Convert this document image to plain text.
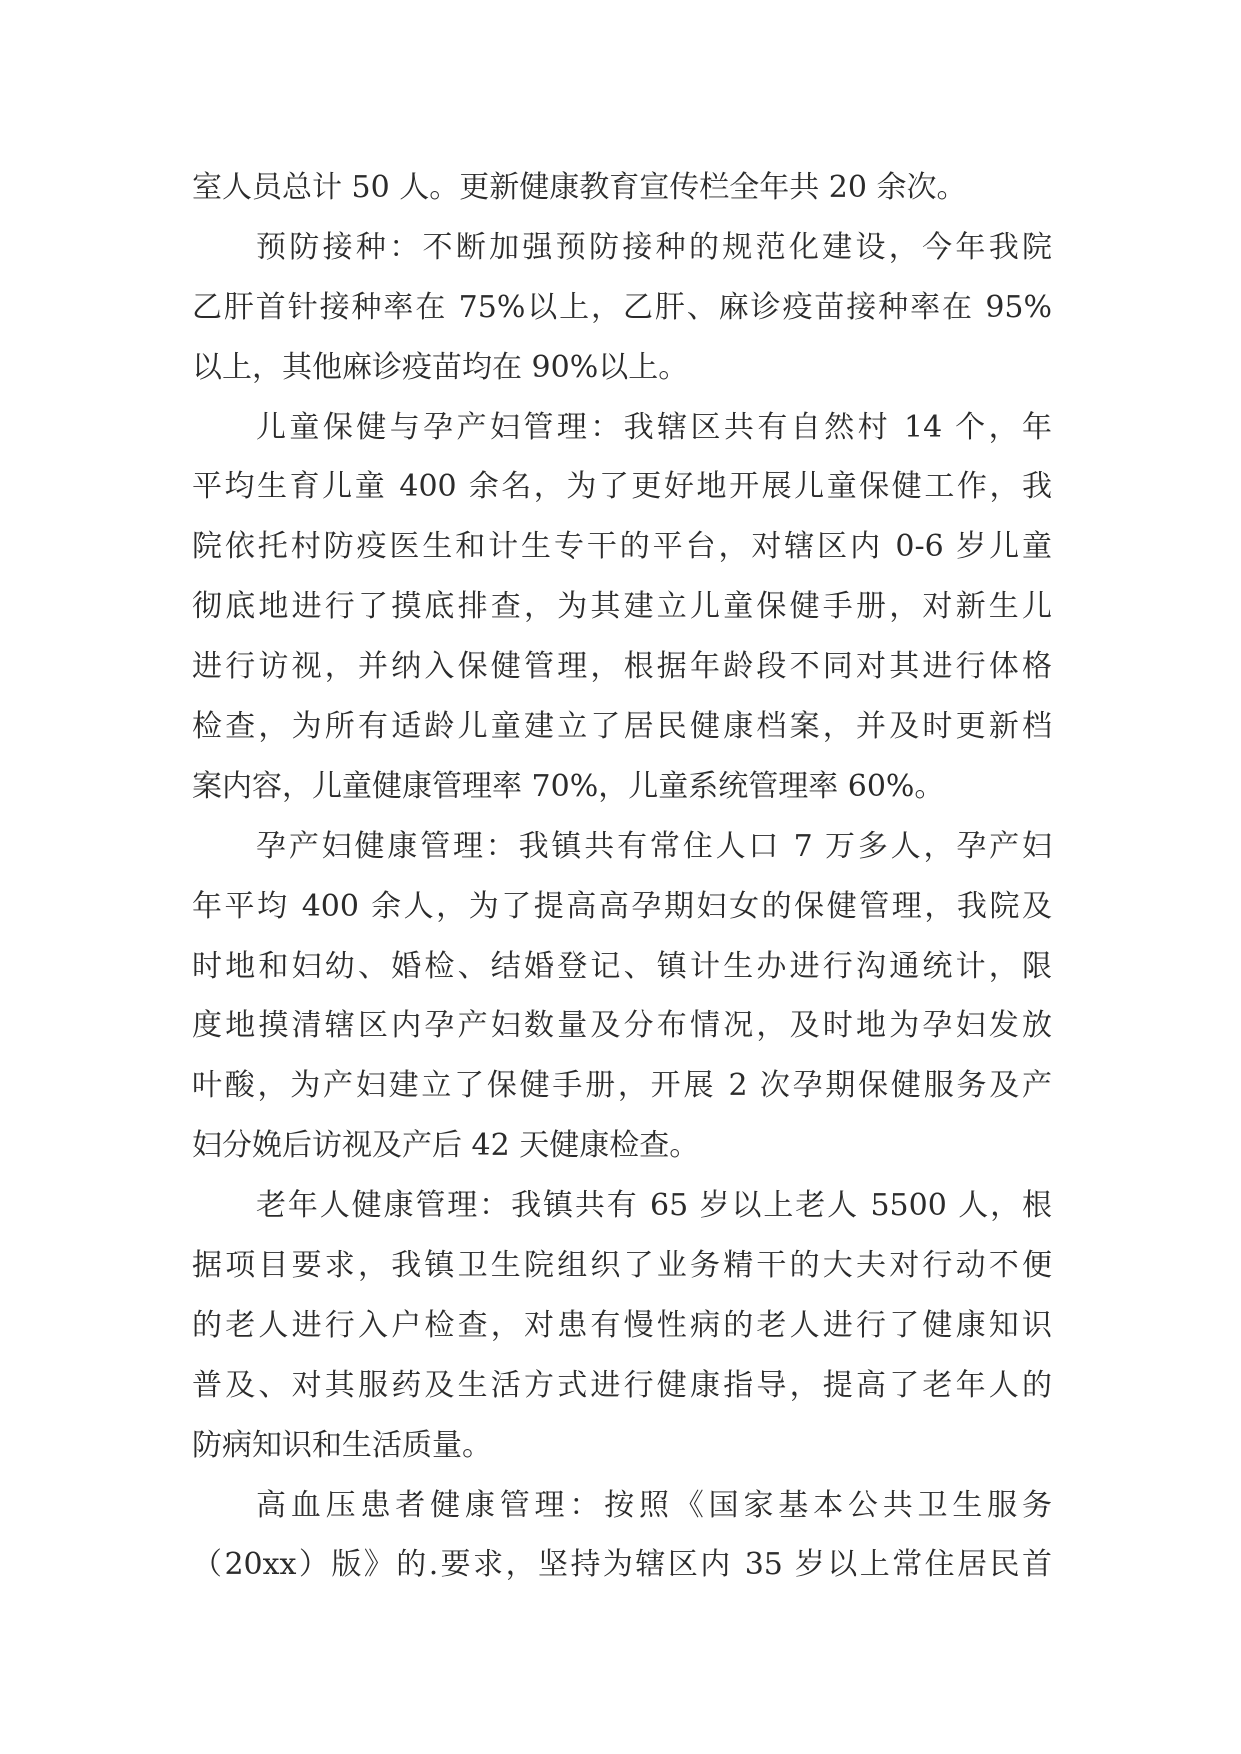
室人员总计 50 人。更新健康教育宣传栏全年共 20 余次。
预防接种：不断加强预防接种的规范化建设，今年我院
乙肝首针接种率在 75%以上，乙肝、麻诊疫苗接种率在 95%
以上，其他麻诊疫苗均在 90%以上。
儿童保健与孕产妇管理：我辖区共有自然村 14 个，年
平均生育儿童 400 余名，为了更好地开展儿童保健工作，我
院依托村防疫医生和计生专干的平台，对辖区内 0-6 岁儿童
彻底地进行了摸底排查，为其建立儿童保健手册，对新生儿
进行访视，并纳入保健管理，根据年龄段不同对其进行体格
检查，为所有适龄儿童建立了居民健康档案，并及时更新档
案内容，儿童健康管理率 70%，儿童系统管理率 60%。
孕产妇健康管理：我镇共有常住人口 7 万多人，孕产妇
年平均 400 余人，为了提高高孕期妇女的保健管理，我院及
时地和妇幼、婚检、结婚登记、镇计生办进行沟通统计，限
度地摸清辖区内孕产妇数量及分布情况，及时地为孕妇发放
叶酸，为产妇建立了保健手册，开展 2 次孕期保健服务及产
妇分娩后访视及产后 42 天健康检查。
老年人健康管理：我镇共有 65 岁以上老人 5500 人，根
据项目要求，我镇卫生院组织了业务精干的大夫对行动不便
的老人进行入户检查，对患有慢性病的老人进行了健康知识
普及、对其服药及生活方式进行健康指导，提高了老年人的
防病知识和生活质量。
高血压患者健康管理：按照《国家基本公共卫生服务
（20xx）版》的.要求，坚持为辖区内 35 岁以上常住居民首
